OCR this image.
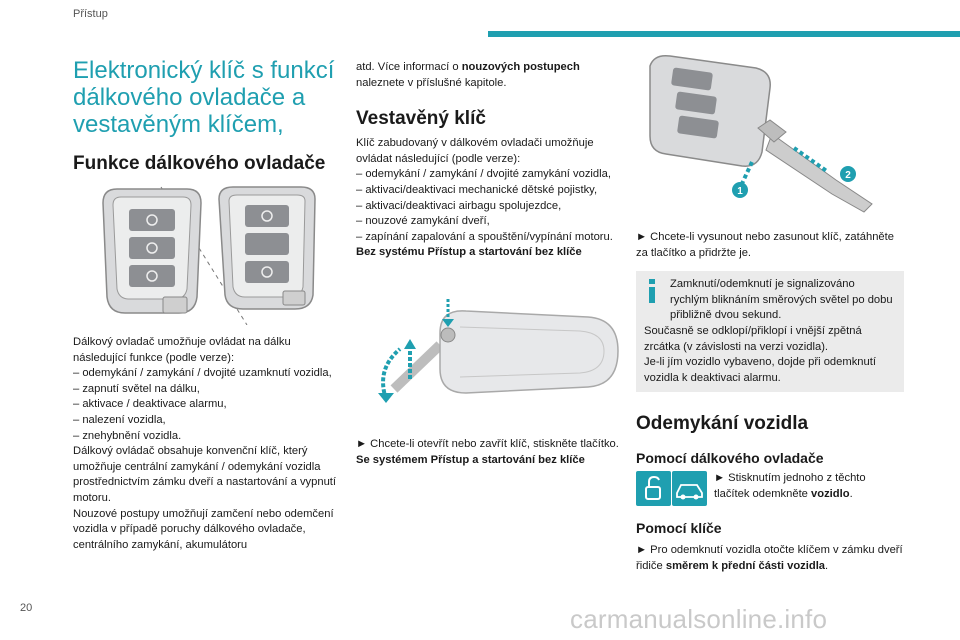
Přístup
Elektronický klíč s funkcí dálkového ovladače a vestavěným klíčem,
Funkce dálkového ovladače
Dálkový ovladač umožňuje ovládat na dálku následující funkce (podle verze):
– odemykání / zamykání / dvojité uzamknutí vozidla,
– zapnutí světel na dálku,
– aktivace / deaktivace alarmu,
– nalezení vozidla,
– znehybnění vozidla.
Dálkový ovládač obsahuje konvenční klíč, který umožňuje centrální zamykání / odemykání vozidla prostřednictvím zámku dveří a nastartování a vypnutí motoru.
Nouzové postupy umožňují zamčení nebo odemčení vozidla v případě poruchy dálkového ovladače, centrálního zamykání, akumulátoru
atd. Více informací o nouzových postupech naleznete v příslušné kapitole.
Vestavěný klíč
Klíč zabudovaný v dálkovém ovladači umožňuje ovládat následující (podle verze):
– odemykání / zamykání / dvojité zamykání vozidla,
– aktivaci/deaktivaci mechanické dětské pojistky,
– aktivaci/deaktivaci airbagu spolujezdce,
– nouzové zamykání dveří,
– zapínání zapalování a spouštění/vypínání motoru.
Bez systému Přístup a startování bez klíče
► Chcete-li otevřít nebo zavřít klíč, stiskněte tlačítko.
Se systémem Přístup a startování bez klíče
1
2
► Chcete-li vysunout nebo zasunout klíč, zatáhněte za tlačítko a přidržte je.
Zamknutí/odemknutí je signalizováno rychlým bliknáním směrových světel po dobu přibližně dvou sekund.
Současně se odklopí/přiklopí i vnější zpětná zrcátka (v závislosti na verzi vozidla).
Je-li jím vozidlo vybaveno, dojde při odemknutí vozidla k deaktivaci alarmu.
Odemykání vozidla
Pomocí dálkového ovladače
► Stisknutím jednoho z těchto tlačítek odemkněte vozidlo.
Pomocí klíče
► Pro odemknutí vozidla otočte klíčem v zámku dveří řidiče směrem k přední části vozidla.
20	carmanualsonline.info
